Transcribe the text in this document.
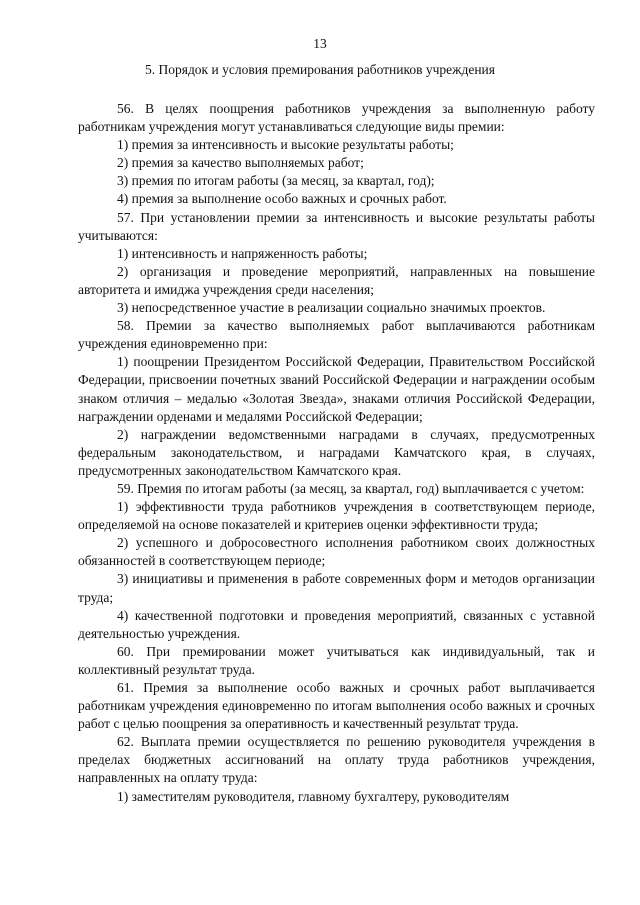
13
5. Порядок и условия премирования работников учреждения

56. В целях поощрения работников учреждения за выполненную работу работникам учреждения могут устанавливаться следующие виды премии:

1) премия за интенсивность и высокие результаты работы;

2) премия за качество выполняемых работ;

3) премия по итогам работы (за месяц, за квартал, год);

4) премия за выполнение особо важных и срочных работ.

57. При установлении премии за интенсивность и высокие результаты работы учитываются:

1) интенсивность и напряженность работы;

2) организация и проведение мероприятий, направленных на повышение авторитета и имиджа учреждения среди населения;

3) непосредственное участие в реализации социально значимых проектов.

58. Премии за качество выполняемых работ выплачиваются работникам учреждения единовременно при:

1) поощрении Президентом Российской Федерации, Правительством Российской Федерации, присвоении почетных званий Российской Федерации и награждении особым знаком отличия – медалью «Золотая Звезда», знаками отличия Российской Федерации, награждении орденами и медалями Российской Федерации;

2) награждении ведомственными наградами в случаях, предусмотренных федеральным законодательством, и наградами Камчатского края, в случаях, предусмотренных законодательством Камчатского края.

59. Премия по итогам работы (за месяц, за квартал, год) выплачивается с учетом:

1) эффективности труда работников учреждения в соответствующем периоде, определяемой на основе показателей и критериев оценки эффективности труда;

2) успешного и добросовестного исполнения работником своих должностных обязанностей в соответствующем периоде;

3) инициативы и применения в работе современных форм и методов организации труда;

4) качественной подготовки и проведения мероприятий, связанных с уставной деятельностью учреждения.

60. При премировании может учитываться как индивидуальный, так и коллективный результат труда.

61. Премия за выполнение особо важных и срочных работ выплачивается работникам учреждения единовременно по итогам выполнения особо важных и срочных работ с целью поощрения за оперативность и качественный результат труда.

62. Выплата премии осуществляется по решению руководителя учреждения в пределах бюджетных ассигнований на оплату труда работников учреждения, направленных на оплату труда:

1) заместителям руководителя, главному бухгалтеру, руководителям
